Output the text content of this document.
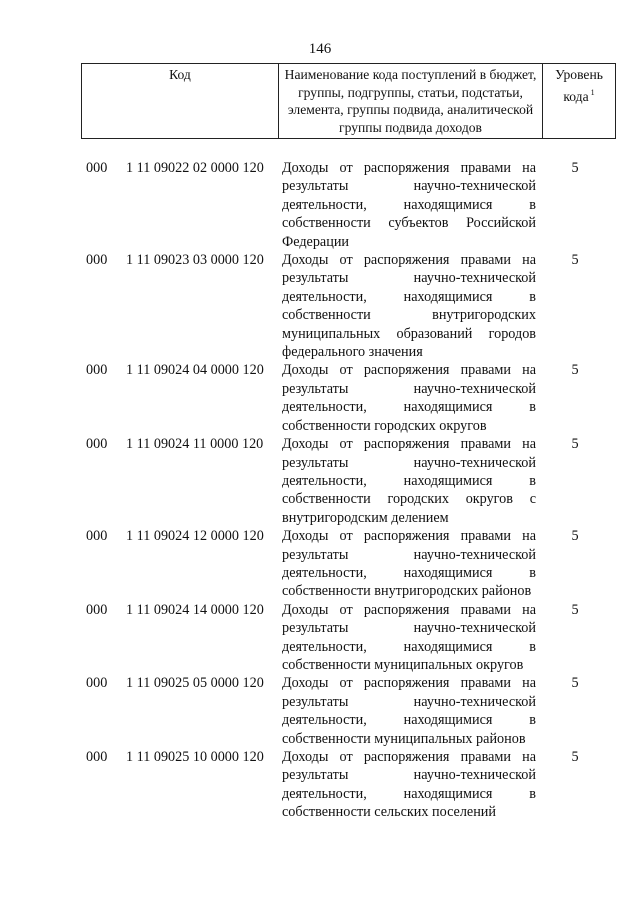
146
Код	Наименование кода поступлений в бюджет, группы, подгруппы, статьи, подстатьи, элемента, группы подвида, аналитической группы подвида доходов
Уровень кода $^1$
000	1 11 09022 02 0000 120	Доходы от распоряжения правами на результаты научно-технической деятельности, находящимися в собственности субъектов Российской Федерации
5
000	1 11 09023 03 0000 120	Доходы от распоряжения правами на результаты научно-технической деятельности, находящимися в собственности внутригородских муниципальных образований городов федерального значения
5
000	1 11 09024 04 0000 120	Доходы от распоряжения правами на результаты научно-технической деятельности, находящимися в собственности городских округов
5
000	1 11 09024 11 0000 120	Доходы от распоряжения правами на результаты научно-технической деятельности, находящимися в собственности городских округов с внутригородским делением
5
000	1 11 09024 12 0000 120	Доходы от распоряжения правами на результаты научно-технической деятельности, находящимися в собственности внутригородских районов
5
000	1 11 09024 14 0000 120	Доходы от распоряжения правами на результаты научно-технической деятельности, находящимися в собственности муниципальных округов
5
000	1 11 09025 05 0000 120	Доходы от распоряжения правами на результаты научно-технической деятельности, находящимися в собственности муниципальных районов
5
000	1 11 09025 10 0000 120	Доходы от распоряжения правами на результаты научно-технической деятельности, находящимися в собственности сельских поселений
5
